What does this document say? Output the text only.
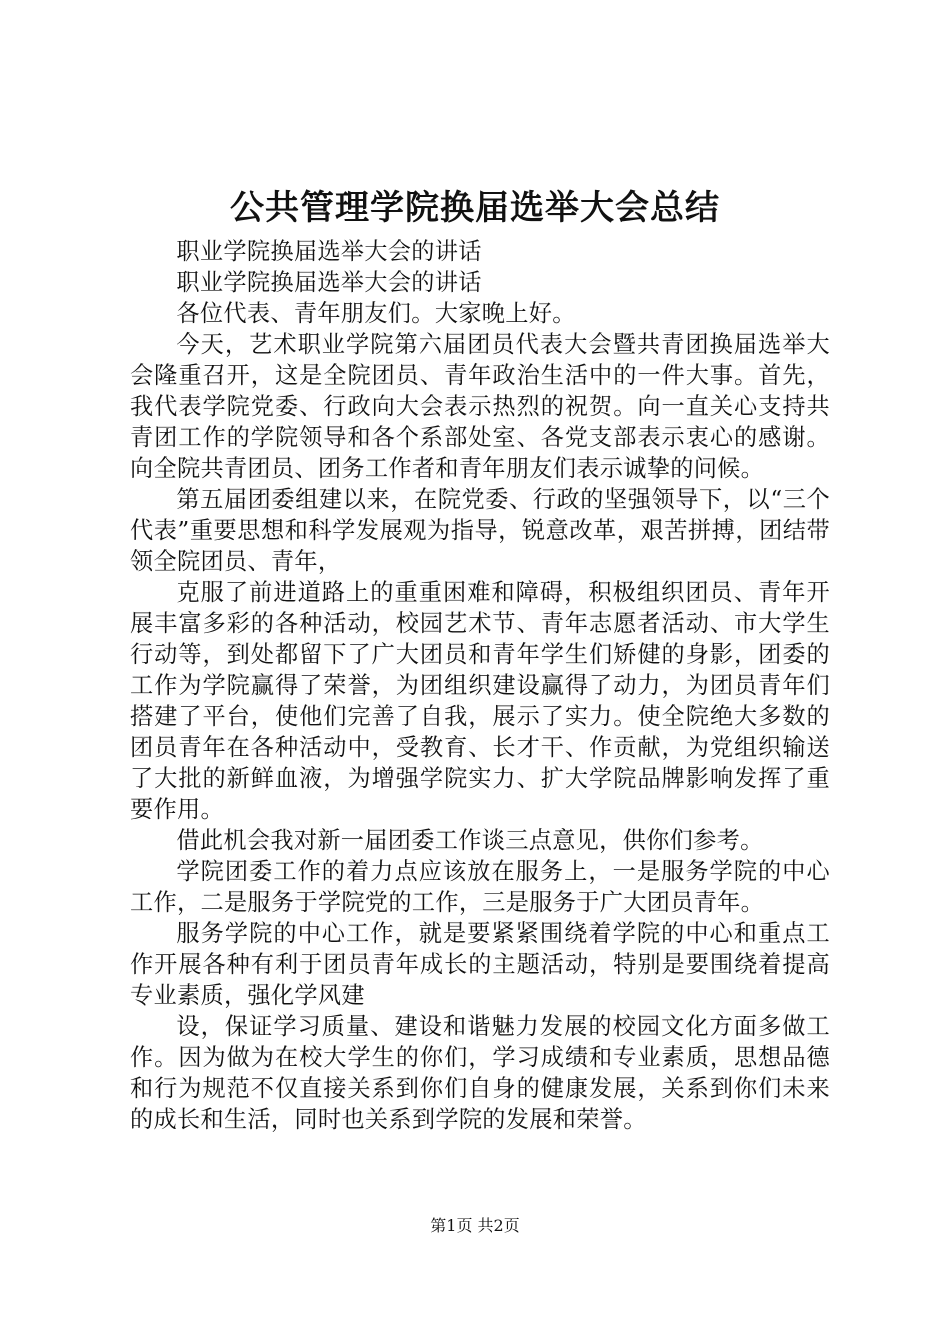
公共管理学院换届选举大会总结

职业学院换届选举大会的讲话

职业学院换届选举大会的讲话

各位代表、青年朋友们。大家晚上好。

今天，艺术职业学院第六届团员代表大会暨共青团换届选举大会隆重召开，这是全院团员、青年政治生活中的一件大事。首先，我代表学院党委、行政向大会表示热烈的祝贺。向一直关心支持共青团工作的学院领导和各个系部处室、各党支部表示衷心的感谢。向全院共青团员、团务工作者和青年朋友们表示诚挚的问候。

第五届团委组建以来，在院党委、行政的坚强领导下，以“三个代表”重要思想和科学发展观为指导，锐意改革，艰苦拼搏，团结带领全院团员、青年，

克服了前进道路上的重重困难和障碍，积极组织团员、青年开展丰富多彩的各种活动，校园艺术节、青年志愿者活动、市大学生行动等，到处都留下了广大团员和青年学生们矫健的身影，团委的工作为学院赢得了荣誉，为团组织建设赢得了动力，为团员青年们搭建了平台，使他们完善了自我，展示了实力。使全院绝大多数的团员青年在各种活动中，受教育、长才干、作贡献，为党组织输送了大批的新鲜血液，为增强学院实力、扩大学院品牌影响发挥了重要作用。

借此机会我对新一届团委工作谈三点意见，供你们参考。

学院团委工作的着力点应该放在服务上，一是服务学院的中心工作，二是服务于学院党的工作，三是服务于广大团员青年。

服务学院的中心工作，就是要紧紧围绕着学院的中心和重点工作开展各种有利于团员青年成长的主题活动，特别是要围绕着提高专业素质，强化学风建

设，保证学习质量、建设和谐魅力发展的校园文化方面多做工作。因为做为在校大学生的你们，学习成绩和专业素质，思想品德和行为规范不仅直接关系到你们自身的健康发展，关系到你们未来的成长和生活，同时也关系到学院的发展和荣誉。

第1页 共2页
